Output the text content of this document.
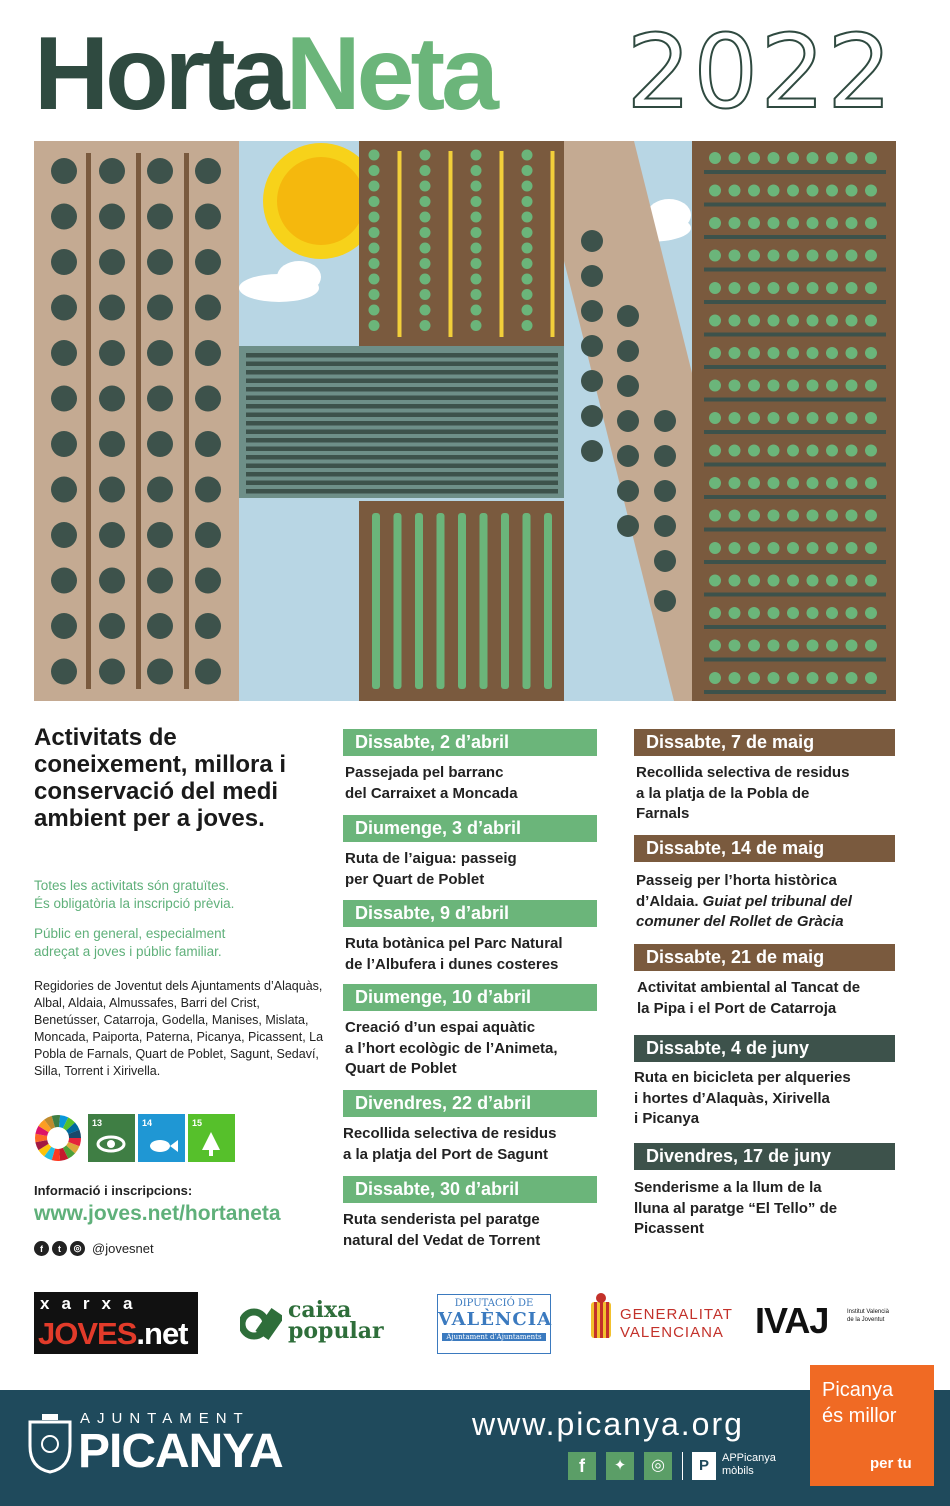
HortaNeta 2022
Activitats de coneixement, millora i conservació del medi ambient per a joves.
Totes les activitats són gratuïtes.
És obligatòria la inscripció prèvia.
Públic en general, especialment
adreçat a joves i públic familiar.
Regidories de Joventut dels Ajuntaments d’Alaquàs, Albal, Aldaia, Almussafes, Barri del Crist, Benetússer, Catarroja, Godella, Manises, Mislata, Moncada, Paiporta, Paterna, Picanya, Picassent, La Pobla de Farnals, Quart de Poblet, Sagunt, Sedaví, Silla, Torrent i Xirivella.
13	14	15
Informació i inscripcions:
www.joves.net/hortaneta
f	t	◎ @jovesnet
Dissabte, 2 d’abril
Passejada pel barranc
del Carraixet a Moncada
Diumenge, 3 d’abril
Ruta de l’aigua: passeig
per Quart de Poblet
Dissabte, 9 d’abril
Ruta botànica pel Parc Natural
de l’Albufera i dunes costeres
Diumenge, 10 d’abril
Creació d’un espai aquàtic
a l’hort ecològic de l’Animeta,
Quart de Poblet
Divendres, 22 d’abril
Recollida selectiva de residus
a la platja del Port de Sagunt
Dissabte, 30 d’abril
Ruta senderista pel paratge
natural del Vedat de Torrent
Dissabte, 7 de maig
Recollida selectiva de residus
a la platja de la Pobla de
Farnals
Dissabte, 14 de maig
Passeig per l’horta històrica
d’Aldaia. Guiat pel tribunal del
comuner del Rollet de Gràcia
Dissabte, 21 de maig
Activitat ambiental al Tancat de
la Pipa i el Port de Catarroja
Dissabte, 4 de juny
Ruta en bicicleta per alqueries
i hortes d’Alaquàs, Xirivella
i Picanya
Divendres, 17 de juny
Senderisme a la llum de la
lluna al paratge “El Tello” de
Picassent
xarxa
JOVES.net
caixa
popular
DIPUTACIÓ DE
VALÈNCIA
Ajuntament d’Ajuntaments
GENERALITAT
VALENCIANA IVAJ	Institut Valencià
de la Joventut
AJUNTAMENT
PICANYA
www.picanya.org
f	✦	◎	P	APPicanya
mòbils
Picanya
és millor
per tu
